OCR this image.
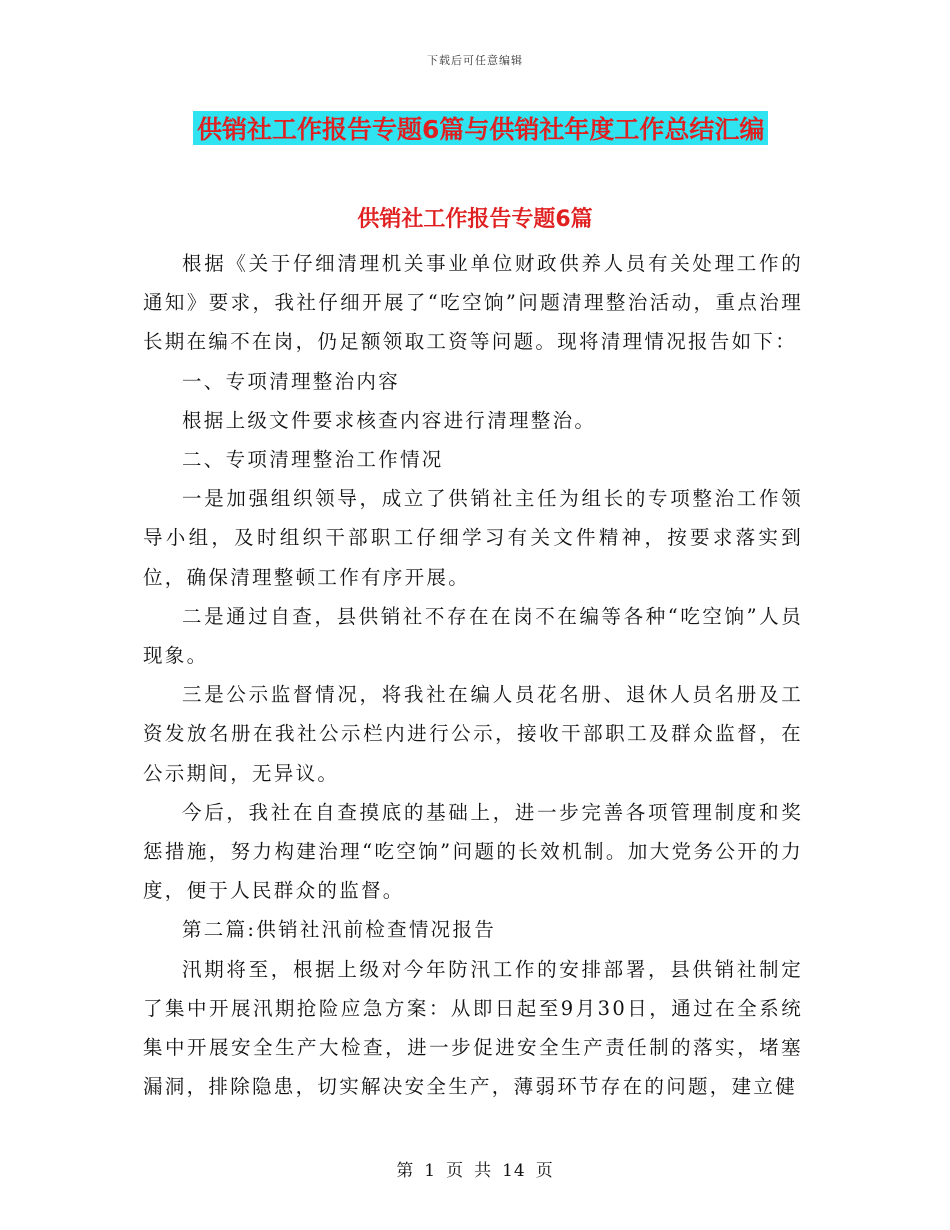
下载后可任意编辑
供销社工作报告专题6篇与供销社年度工作总结汇编
供销社工作报告专题6篇

根据《关于仔细清理机关事业单位财政供养人员有关处理工作的通知》要求，我社仔细开展了“吃空饷”问题清理整治活动，重点治理长期在编不在岗，仍足额领取工资等问题。现将清理情况报告如下：

一、专项清理整治内容

根据上级文件要求核查内容进行清理整治。

二、专项清理整治工作情况

一是加强组织领导，成立了供销社主任为组长的专项整治工作领导小组，及时组织干部职工仔细学习有关文件精神，按要求落实到位，确保清理整顿工作有序开展。

二是通过自查，县供销社不存在在岗不在编等各种“吃空饷”人员现象。

三是公示监督情况，将我社在编人员花名册、退休人员名册及工资发放名册在我社公示栏内进行公示，接收干部职工及群众监督，在公示期间，无异议。

今后，我社在自查摸底的基础上，进一步完善各项管理制度和奖惩措施，努力构建治理“吃空饷”问题的长效机制。加大党务公开的力度，便于人民群众的监督。

第二篇:供销社汛前检查情况报告

汛期将至，根据上级对今年防汛工作的安排部署，县供销社制定了集中开展汛期抢险应急方案：从即日起至9月30日，通过在全系统集中开展安全生产大检查，进一步促进安全生产责任制的落实，堵塞漏洞，排除隐患，切实解决安全生产，薄弱环节存在的问题，建立健

第 1 页 共 14 页
